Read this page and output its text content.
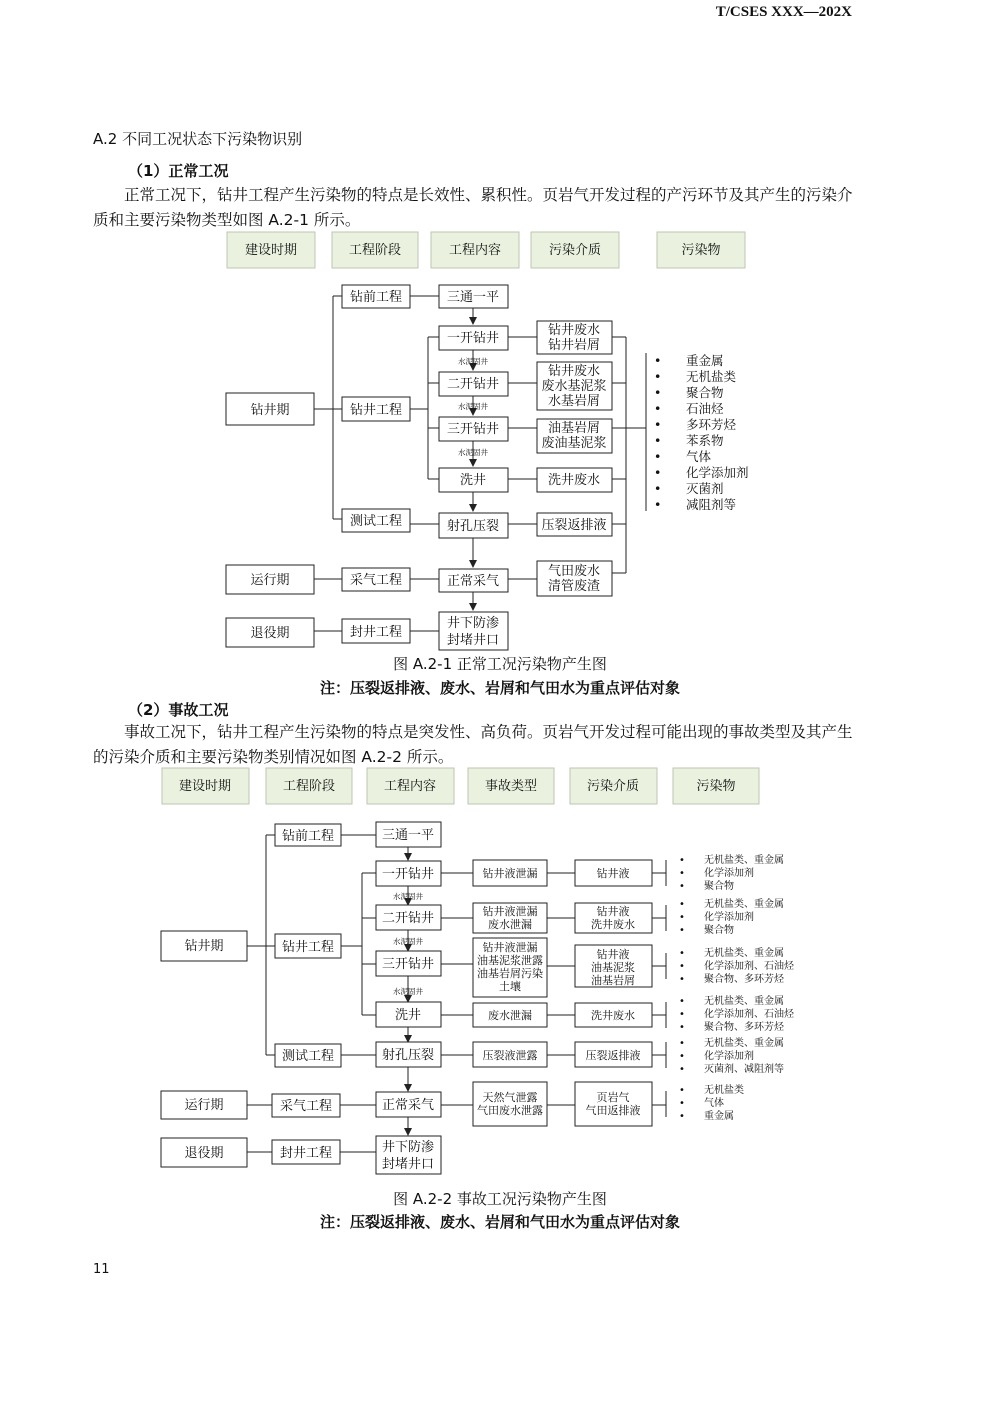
T/CSES XXX—202X
A.2 不同工况状态下污染物识别
（1）正常工况
正常工况下，钻井工程产生污染物的特点是长效性、累积性。页岩气开发过程的产污环节及其产生的污染介质和主要污染物类型如图 A.2-1 所示。
建设时期	工程阶段	工程内容	污染介质	污染物
钻井期
运行期
退役期
钻前工程
钻井工程
测试工程
采气工程
封井工程
三通一平
一开钻井
二开钻井
三开钻井
洗井
射孔压裂
正常采气
井下防渗
封堵井口
水泥固井
水泥固井
水泥固井
钻井废水
钻井岩屑
钻井废水
废水基泥浆
水基岩屑
油基岩屑
废油基泥浆
洗井废水
压裂返排液
气田废水
清管废渣
• 重金属
• 无机盐类
• 聚合物
• 石油烃
• 多环芳烃
• 苯系物
• 气体
• 化学添加剂
• 灭菌剂
• 减阻剂等
图 A.2-1 正常工况污染物产生图
注：压裂返排液、废水、岩屑和气田水为重点评估对象
（2）事故工况
事故工况下，钻井工程产生污染物的特点是突发性、高负荷。页岩气开发过程可能出现的事故类型及其产生的污染介质和主要污染物类别情况如图 A.2-2 所示。
建设时期	工程阶段	工程内容	事故类型	污染介质	污染物
钻井期
运行期
退役期
钻前工程
钻井工程
测试工程
采气工程
封井工程
三通一平
一开钻井
二开钻井
三开钻井
洗井
射孔压裂
正常采气
井下防渗
封堵井口
水泥固井
水泥固井
水泥固井
钻井液泄漏
钻井液泄漏
废水泄漏
钻井液泄漏
油基泥浆泄露
油基岩屑污染
土壤
废水泄漏
压裂液泄露
天然气泄露
气田废水泄露
钻井液
钻井液
洗井废水
钻井液
油基泥浆
油基岩屑
洗井废水
压裂返排液
页岩气
气田返排液
• 无机盐类、重金属
• 化学添加剂
• 聚合物
• 无机盐类、重金属
• 化学添加剂
• 聚合物
• 无机盐类、重金属
• 化学添加剂、石油烃
• 聚合物、多环芳烃
• 无机盐类、重金属
• 化学添加剂、石油烃
• 聚合物、多环芳烃
• 无机盐类、重金属
• 化学添加剂
• 灭菌剂、减阻剂等
• 无机盐类
• 气体
• 重金属
图 A.2-2 事故工况污染物产生图
注：压裂返排液、废水、岩屑和气田水为重点评估对象
11
